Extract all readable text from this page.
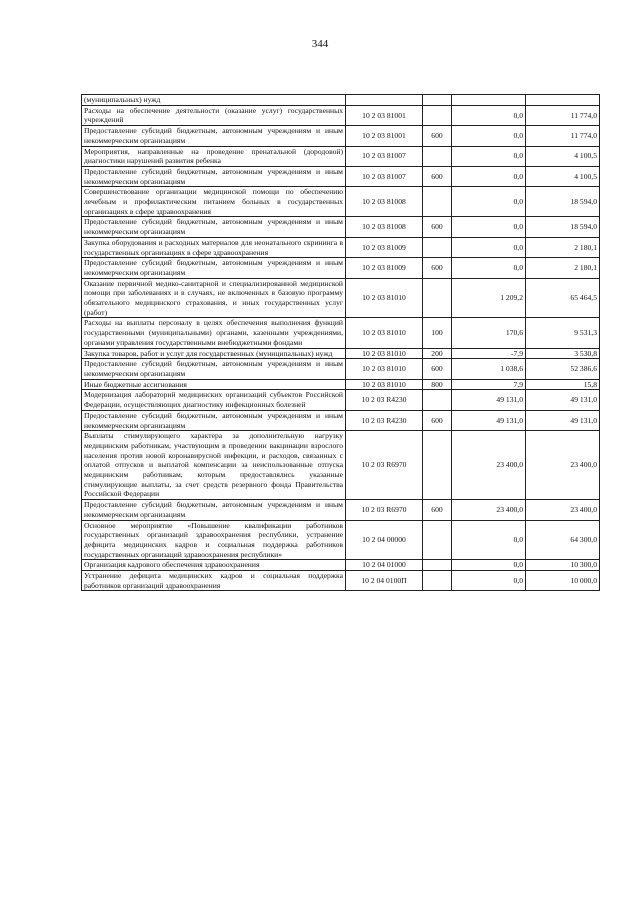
344
(муниципальных) нужд				
Расходы на обеспечение деятельности (оказание услуг) государственных учреждений	10 2 03 81001		0,0	11 774,0
Предоставление субсидий бюджетным, автономным учреждениям и иным некоммерческим организациям	10 2 03 81001	600	0,0	11 774,0
Мероприятия, направленные на проведение пренатальной (дородовой) диагностики нарушений развития ребенка	10 2 03 81007		0,0	4 100,5
Предоставление субсидий бюджетным, автономным учреждениям и иным некоммерческим организациям	10 2 03 81007	600	0,0	4 100,5
Совершенствование организации медицинской помощи по обеспечению лечебным и профилактическим питанием больных в государственных организациях в сфере здравоохранения	10 2 03 81008		0,0	18 594,0
Предоставление субсидий бюджетным, автономным учреждениям и иным некоммерческим организациям	10 2 03 81008	600	0,0	18 594,0
Закупка оборудования и расходных материалов для неонатального скрининга в государственных организациях в сфере здравоохранения	10 2 03 81009		0,0	2 180,1
Предоставление субсидий бюджетным, автономным учреждениям и иным некоммерческим организациям	10 2 03 81009	600	0,0	2 180,1
Оказание первичной медико-санитарной и специализированной медицинской помощи при заболеваниях и в случаях, не включенных в базовую программу обязательного медицинского страхования, и иных государственных услуг (работ)	10 2 03 81010		1 209,2	65 464,5
Расходы на выплаты персоналу в целях обеспечения выполнения функций государственными (муниципальными) органами, казенными учреждениями, органами управления государственными внебюджетными фондами	10 2 03 81010	100	170,6	9 531,3
Закупка товаров, работ и услуг для государственных (муниципальных) нужд	10 2 03 81010	200	-7,9	3 530,8
Предоставление субсидий бюджетным, автономным учреждениям и иным некоммерческим организациям	10 2 03 81010	600	1 038,6	52 386,6
Иные бюджетные ассигнования	10 2 03 81010	800	7,9	15,8
Модернизация лабораторий медицинских организаций субъектов Российской Федерации, осуществляющих диагностику инфекционных болезней	10 2 03 R4230		49 131,0	49 131,0
Предоставление субсидий бюджетным, автономным учреждениям и иным некоммерческим организациям	10 2 03 R4230	600	49 131,0	49 131,0
Выплаты стимулирующего характера за дополнительную нагрузку медицинским работникам, участвующим в проведении вакцинации взрослого населения против новой коронавирусной инфекции, и расходов, связанных с оплатой отпусков и выплатой компенсации за неиспользованные отпуска медицинским работникам, которым предоставлялись указанные стимулирующие выплаты, за счет средств резервного фонда Правительства Российской Федерации	10 2 03 R6970		23 400,0	23 400,0
Предоставление субсидий бюджетным, автономным учреждениям и иным некоммерческим организациям	10 2 03 R6970	600	23 400,0	23 400,0
Основное мероприятие «Повышение квалификации работников государственных организаций здравоохранения республики, устранение дефицита медицинских кадров и социальная поддержка работников государственных организаций здравоохранения республики»	10 2 04 00000		0,0	64 300,0
Организация кадрового обеспечения здравоохранения	10 2 04 01000		0,0	10 300,0
Устранение дефицита медицинских кадров и социальная поддержка работников организаций здравоохранения	10 2 04 0100П		0,0	10 000,0
